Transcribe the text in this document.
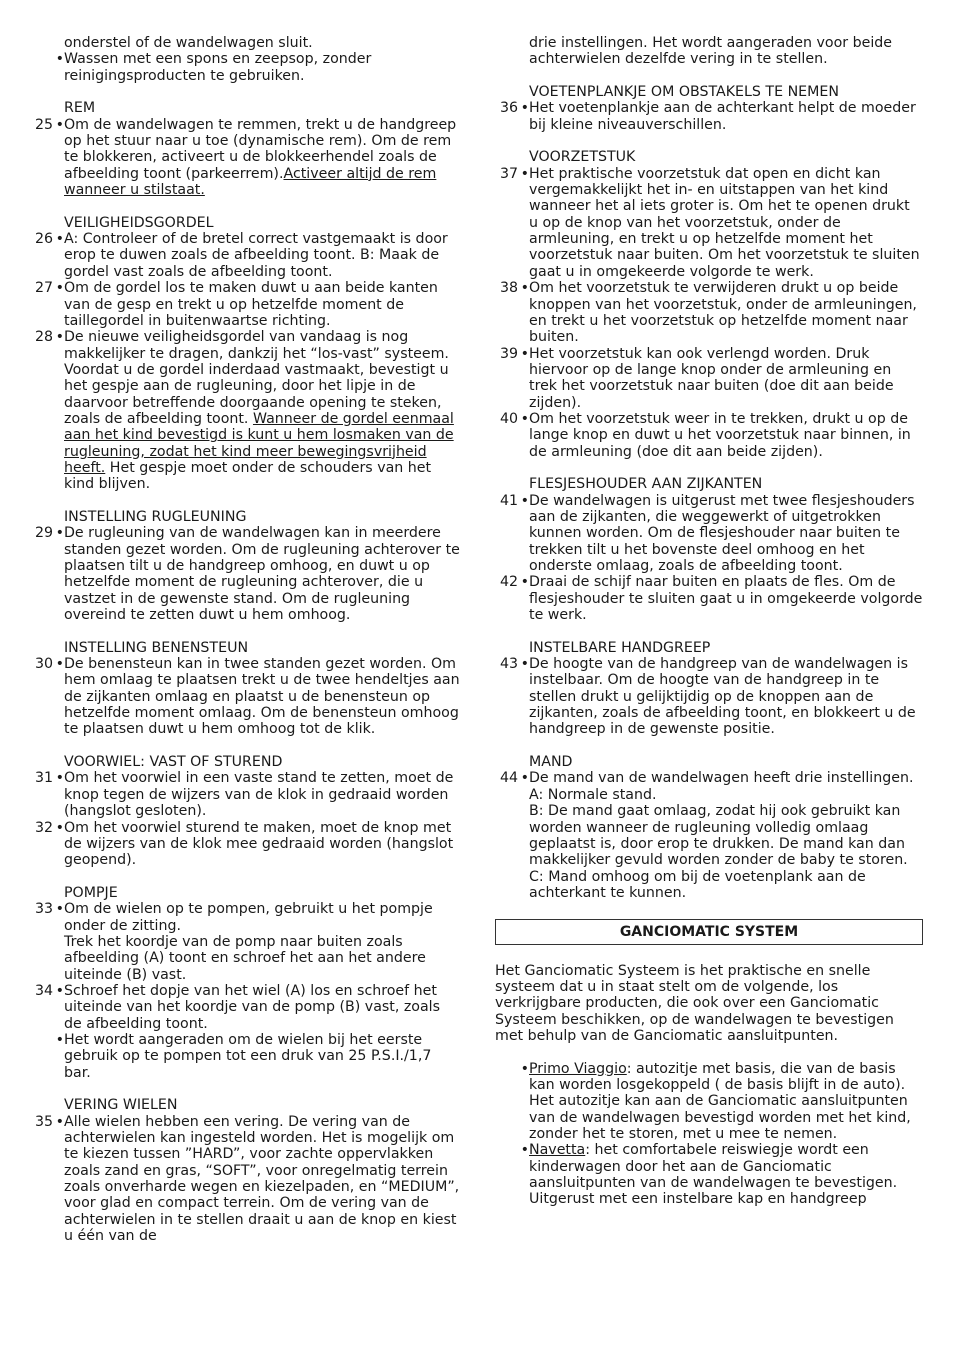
onderstel of de wandelwagen sluit.
• Wassen met een spons en zeepsop, zonder reinigingsproducten te gebruiken.
REM
25 • Om de wandelwagen te remmen, trekt u de handgreep op het stuur naar u toe (dynamische rem). Om de rem te blokkeren, activeert u de blokkeerhendel zoals de afbeelding toont (parkeerrem).Activeer altijd de rem wanneer u stilstaat.
VEILIGHEIDSGORDEL
26 • A: Controleer of de bretel correct vastgemaakt is door erop te duwen zoals de afbeelding toont. B: Maak de gordel vast zoals de afbeelding toont.
27 • Om de gordel los te maken duwt u aan beide kanten van de gesp en trekt u op hetzelfde moment de taillegordel in buitenwaartse richting.
28 • De nieuwe veiligheidsgordel van vandaag is nog makkelijker te dragen, dankzij het “los-vast” systeem. Voordat u de gordel inderdaad vastmaakt, bevestigt u het gespje aan de rugleuning, door het lipje in de daarvoor betreffende doorgaande opening te steken, zoals de afbeelding toont. Wanneer de gordel eenmaal aan het kind bevestigd is kunt u hem losmaken van de rugleuning, zodat het kind meer bewegingsvrijheid heeft. Het gespje moet onder de schouders van het kind blijven.
INSTELLING RUGLEUNING
29 • De rugleuning van de wandelwagen kan in meerdere standen gezet worden. Om de rugleuning achterover te plaatsen tilt u de handgreep omhoog, en duwt u op hetzelfde moment de rugleuning achterover, die u vastzet in de gewenste stand. Om de rugleuning overeind te zetten duwt u hem omhoog.
INSTELLING BENENSTEUN
30 • De benensteun kan in twee standen gezet worden. Om hem omlaag te plaatsen trekt u de twee hendeltjes aan de zijkanten omlaag en plaatst u de benensteun op hetzelfde moment omlaag. Om de benensteun omhoog te plaatsen duwt u hem omhoog tot de klik.
VOORWIEL: VAST OF STUREND
31 • Om het voorwiel in een vaste stand te zetten, moet de knop tegen de wijzers van de klok in gedraaid worden (hangslot gesloten).
32 • Om het voorwiel sturend te maken, moet de knop met de wijzers van de klok mee gedraaid worden (hangslot geopend).
POMPJE
33 • Om de wielen op te pompen, gebruikt u het pompje onder de zitting.
Trek het koordje van de pomp naar buiten zoals afbeelding (A) toont en schroef het aan het andere uiteinde (B) vast.
34 • Schroef het dopje van het wiel (A) los en schroef het uiteinde van het koordje van de pomp (B) vast, zoals de afbeelding toont.
• Het wordt aangeraden om de wielen bij het eerste gebruik op te pompen tot een druk van 25 P.S.I./1,7 bar.
VERING WIELEN
35 • Alle wielen hebben een vering. De vering van de achterwielen kan ingesteld worden. Het is mogelijk om te kiezen tussen ”HARD”, voor zachte oppervlakken zoals zand en gras, “SOFT”, voor onregelmatig terrein zoals onverharde wegen en kiezelpaden, en “MEDIUM”, voor glad en compact terrein. Om de vering van de achterwielen in te stellen draait u aan de knop en kiest u één van de
drie instellingen. Het wordt aangeraden voor beide achterwielen dezelfde vering in te stellen.
VOETENPLANKJE OM OBSTAKELS TE NEMEN
36 • Het voetenplankje aan de achterkant helpt de moeder bij kleine niveauverschillen.
VOORZETSTUK
37 • Het praktische voorzetstuk dat open en dicht kan vergemakkelijkt het in- en uitstappen van het kind wanneer het al iets groter is. Om het te openen drukt u op de knop van het voorzetstuk, onder de armleuning, en trekt u op hetzelfde moment het voorzetstuk naar buiten. Om het voorzetstuk te sluiten gaat u in omgekeerde volgorde te werk.
38 • Om het voorzetstuk te verwijderen drukt u op beide knoppen van het voorzetstuk, onder de armleuningen, en trekt u het voorzetstuk op hetzelfde moment naar buiten.
39 • Het voorzetstuk kan ook verlengd worden. Druk hiervoor op de lange knop onder de armleuning en trek het voorzetstuk naar buiten (doe dit aan beide zijden).
40 • Om het voorzetstuk weer in te trekken, drukt u op de lange knop en duwt u het voorzetstuk naar binnen, in de armleuning (doe dit aan beide zijden).
FLESJESHOUDER AAN ZIJKANTEN
41 • De wandelwagen is uitgerust met twee flesjeshouders aan de zijkanten, die weggewerkt of uitgetrokken kunnen worden. Om de flesjeshouder naar buiten te trekken tilt u het bovenste deel omhoog en het onderste omlaag, zoals de afbeelding toont.
42 • Draai de schijf naar buiten en plaats de fles. Om de flesjeshouder te sluiten gaat u in omgekeerde volgorde te werk.
INSTELBARE HANDGREEP
43 • De hoogte van de handgreep van de wandelwagen is instelbaar. Om de hoogte van de handgreep in te stellen drukt u gelijktijdig op de knoppen aan de zijkanten, zoals de afbeelding toont, en blokkeert u de handgreep in de gewenste positie.
MAND
44 • De mand van de wandelwagen heeft drie instellingen.
A: Normale stand.
B: De mand gaat omlaag, zodat hij ook gebruikt kan worden wanneer de rugleuning volledig omlaag geplaatst is, door erop te drukken. De mand kan dan makkelijker gevuld worden zonder de baby te storen.
C: Mand omhoog om bij de voetenplank aan de achterkant te kunnen.
GANCIOMATIC SYSTEM
Het Ganciomatic Systeem is het praktische en snelle systeem dat u in staat stelt om de volgende, los verkrijgbare producten, die ook over een Ganciomatic Systeem beschikken, op de wandelwagen te bevestigen met behulp van de Ganciomatic aansluitpunten.
• Primo Viaggio: autozitje met basis, die van de basis kan worden losgekoppeld ( de basis blijft in de auto). Het autozitje kan aan de Ganciomatic aansluitpunten van de wandelwagen bevestigd worden met het kind, zonder het te storen, met u mee te nemen.
• Navetta: het comfortabele reiswiegje wordt een kinderwagen door het aan de Ganciomatic aansluitpunten van de wandelwagen te bevestigen. Uitgerust met een instelbare kap en handgreep
